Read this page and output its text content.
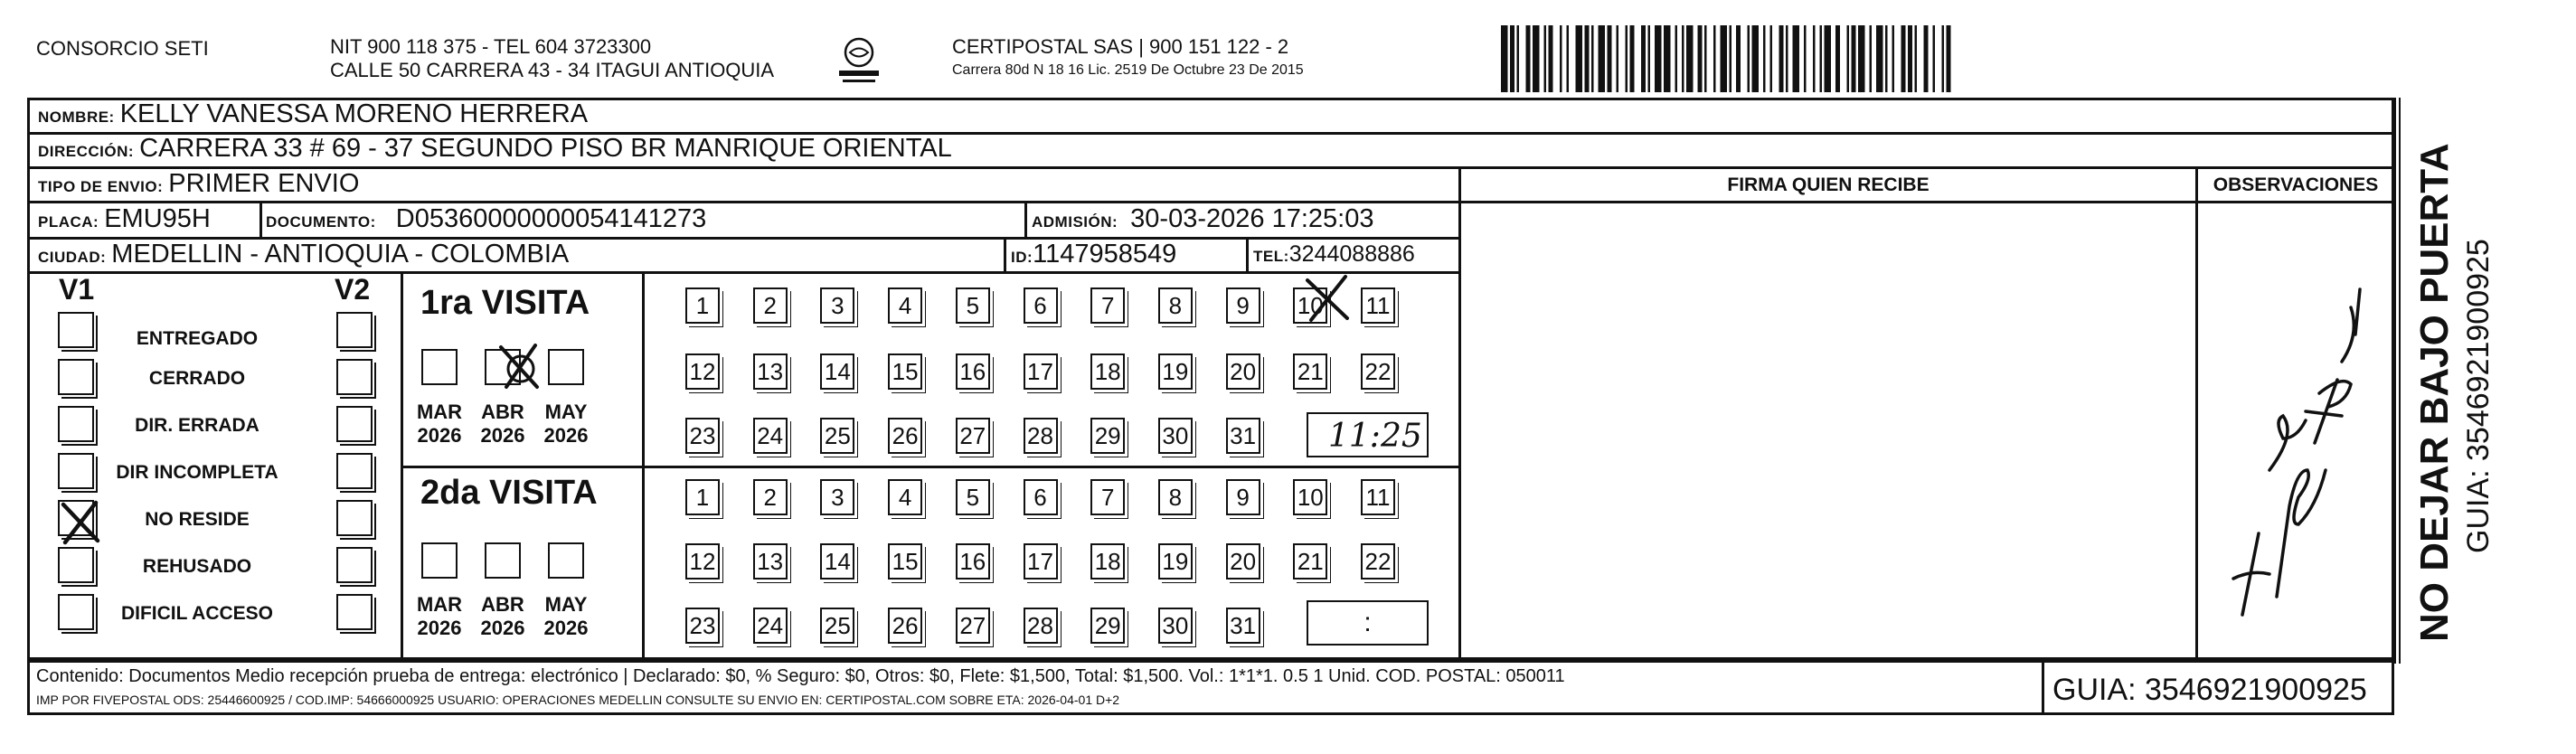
CONSORCIO SETI	NIT 900 118 375 - TEL 604 3723300
CALLE 50 CARRERA 43 - 34 ITAGUI ANTIOQUIA
CERTIPOSTAL SAS | 900 151 122 - 2
Carrera 80d N 18 16 Lic. 2519 De Octubre 23 De 2015
NOMBRE: KELLY VANESSA MORENO HERRERA
DIRECCIÓN: CARRERA 33 # 69 - 37 SEGUNDO PISO BR MANRIQUE ORIENTAL
TIPO DE ENVIO: PRIMER ENVIO
PLACA: EMU95H	DOCUMENTO: D05360000000054141273	ADMISIÓN: 30-03-2026 17:25:03
CIUDAD: MEDELLIN - ANTIOQUIA - COLOMBIA	ID: 1147958549	TEL: 3244088886
FIRMA QUIEN RECIBE	OBSERVACIONES
V1	V2
ENTREGADO
CERRADO
DIR. ERRADA
DIR INCOMPLETA
NO RESIDE
REHUSADO
DIFICIL ACCESO
1ra VISITA
2da VISITA
MAR
2026
ABR
2026
MAY
2026
MAR
2026
ABR
2026
MAY
2026
1	2	3	4	5	6	7	8	9	10 11
12 13 14 15 16 17 18 19 20 21 22
23 24 25 26 27 28 29 30 31
1	2	3	4	5	6	7	8	9	10 11
12 13 14 15 16 17 18 19 20 21 22
23 24 25 26 27 28 29 30 31
11:25
:	NO DEJAR BAJO PUERTA GUIA: 3546921900925
Contenido: Documentos Medio recepción prueba de entrega: electrónico | Declarado: $0, % Seguro: $0, Otros: $0, Flete: $1,500, Total: $1,500. Vol.: 1*1*1. 0.5 1 Unid. COD. POSTAL: 050011
IMP POR FIVEPOSTAL ODS: 25446600925 / COD.IMP: 54666000925 USUARIO: OPERACIONES MEDELLIN CONSULTE SU ENVIO EN: CERTIPOSTAL.COM SOBRE ETA: 2026-04-01 D+2	GUIA: 3546921900925
